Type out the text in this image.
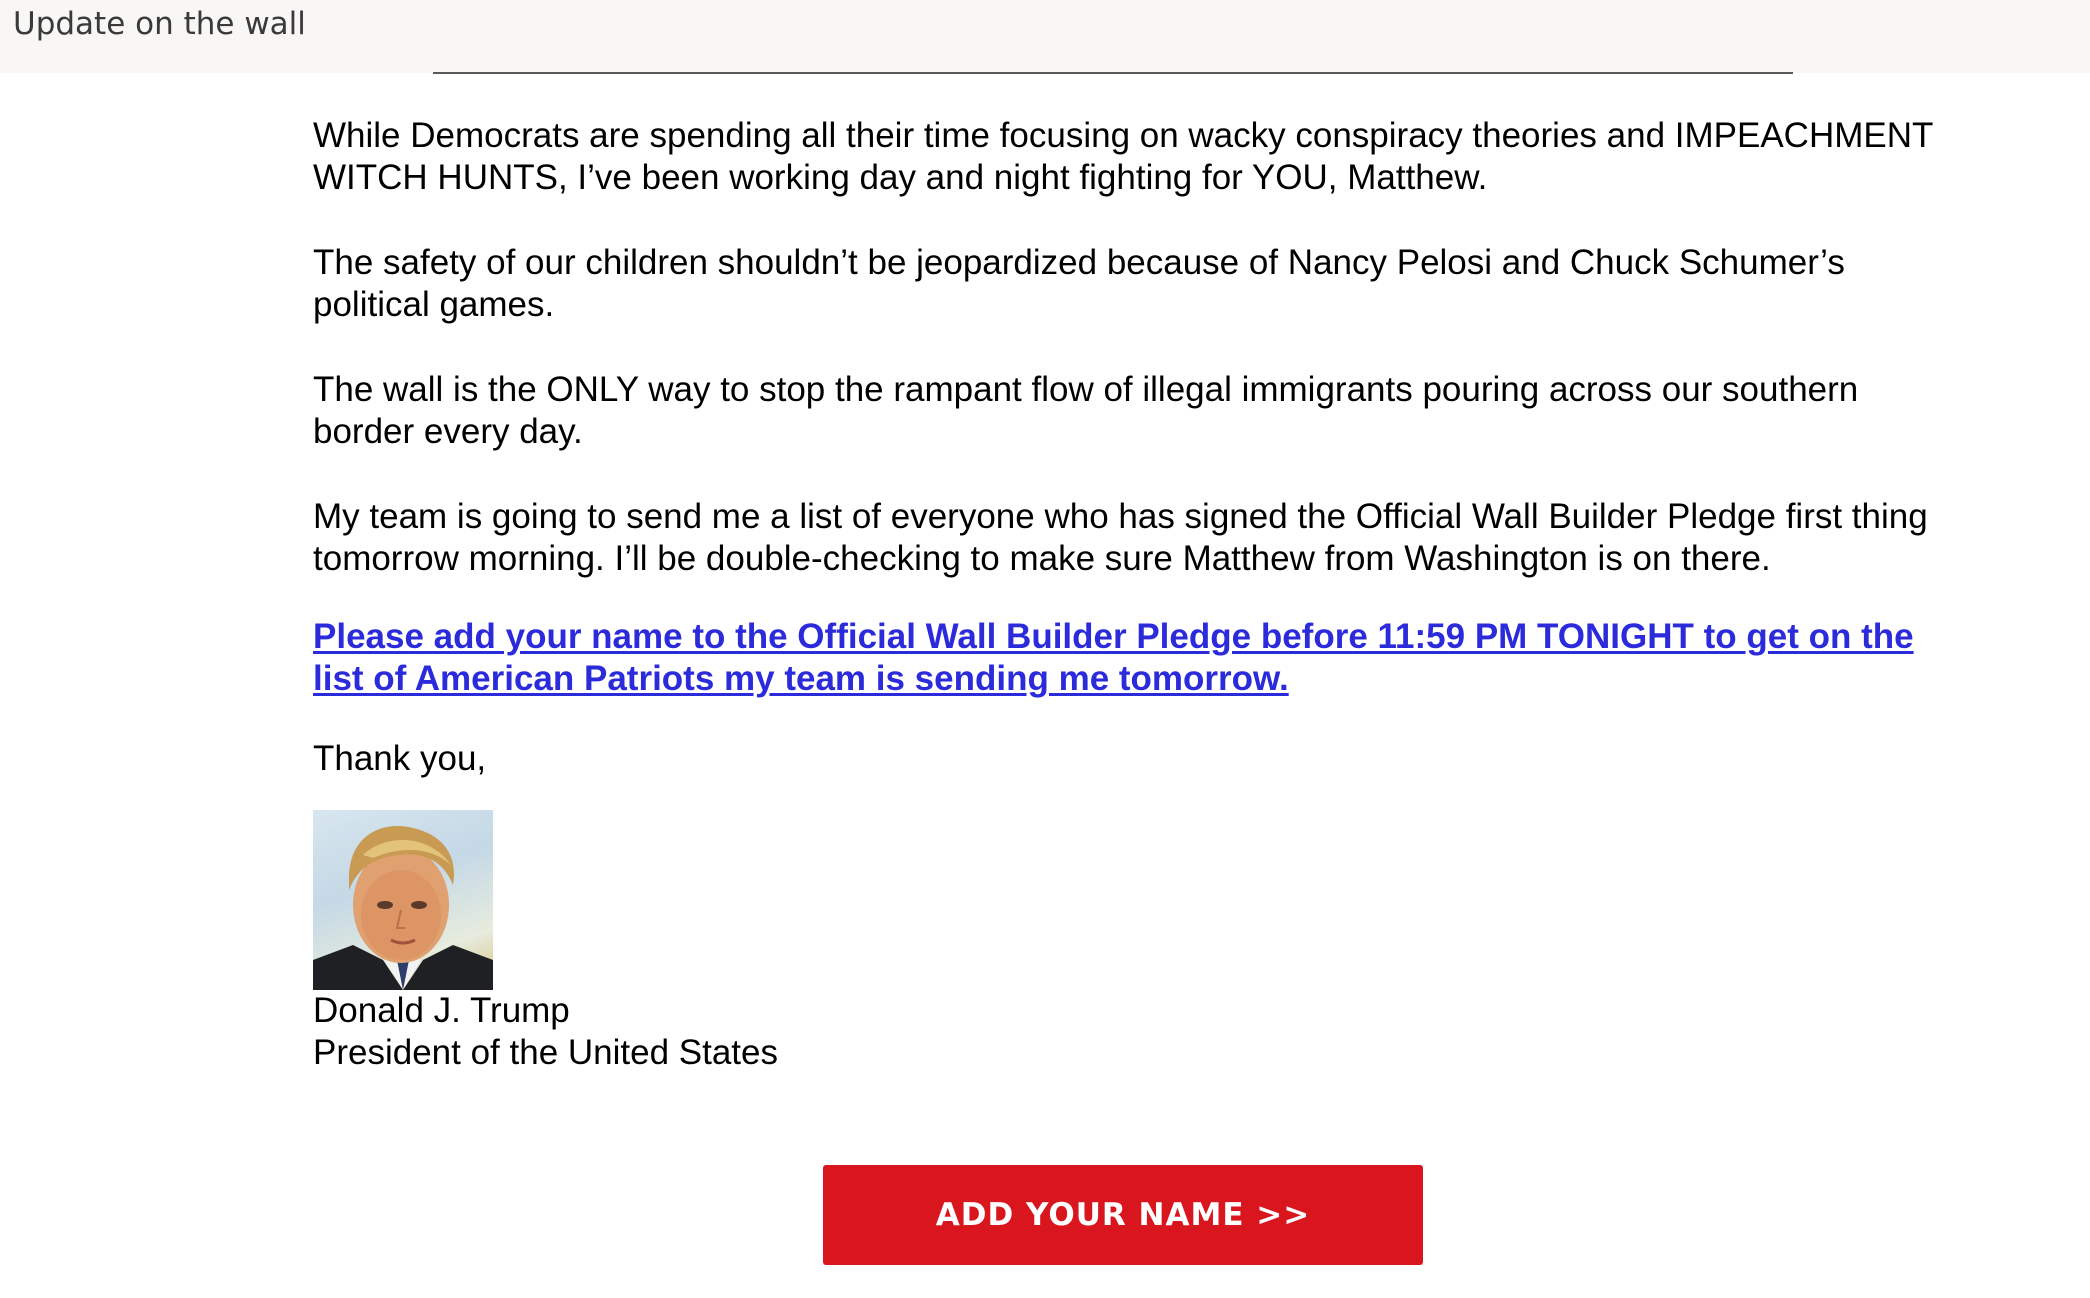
Update on the wall

While Democrats are spending all their time focusing on wacky conspiracy theories and IMPEACHMENT WITCH HUNTS, I’ve been working day and night fighting for YOU, Matthew.

The safety of our children shouldn’t be jeopardized because of Nancy Pelosi and Chuck Schumer’s political games.

The wall is the ONLY way to stop the rampant flow of illegal immigrants pouring across our southern border every day.

My team is going to send me a list of everyone who has signed the Official Wall Builder Pledge first thing tomorrow morning. I’ll be double-checking to make sure Matthew from Washington is on there.

Please add your name to the Official Wall Builder Pledge before 11:59 PM TONIGHT to get on the list of American Patriots my team is sending me tomorrow.

Thank you,

Donald J. Trump

President of the United States

ADD YOUR NAME >>
